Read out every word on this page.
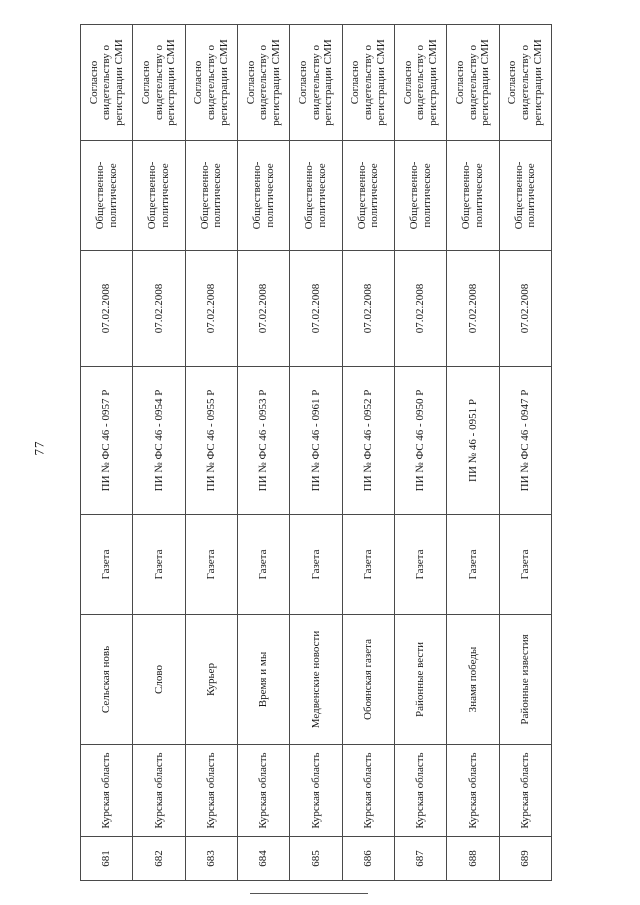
77
681	Курская область	Сельская новь	Газета	ПИ № ФС 46 - 0957 Р	07.02.2008	Общественно-политическое	Согласно свидетельству о регистрации СМИ
682	Курская область	Слово	Газета	ПИ № ФС 46 - 0954 Р	07.02.2008	Общественно-политическое	Согласно свидетельству о регистрации СМИ
683	Курская область	Курьер	Газета	ПИ № ФС 46 - 0955 Р	07.02.2008	Общественно-политическое	Согласно свидетельству о регистрации СМИ
684	Курская область	Время и мы	Газета	ПИ № ФС 46 - 0953 Р	07.02.2008	Общественно-политическое	Согласно свидетельству о регистрации СМИ
685	Курская область	Медвенские новости	Газета	ПИ № ФС 46 - 0961 Р	07.02.2008	Общественно-политическое	Согласно свидетельству о регистрации СМИ
686	Курская область	Обоянская газета	Газета	ПИ № ФС 46 - 0952 Р	07.02.2008	Общественно-политическое	Согласно свидетельству о регистрации СМИ
687	Курская область	Районные вести	Газета	ПИ № ФС 46 - 0950 Р	07.02.2008	Общественно-политическое	Согласно свидетельству о регистрации СМИ
688	Курская область	Знамя победы	Газета	ПИ № 46 - 0951 Р	07.02.2008	Общественно-политическое	Согласно свидетельству о регистрации СМИ
689	Курская область	Районные известия	Газета	ПИ № ФС 46 - 0947 Р	07.02.2008	Общественно-политическое	Согласно свидетельству о регистрации СМИ
